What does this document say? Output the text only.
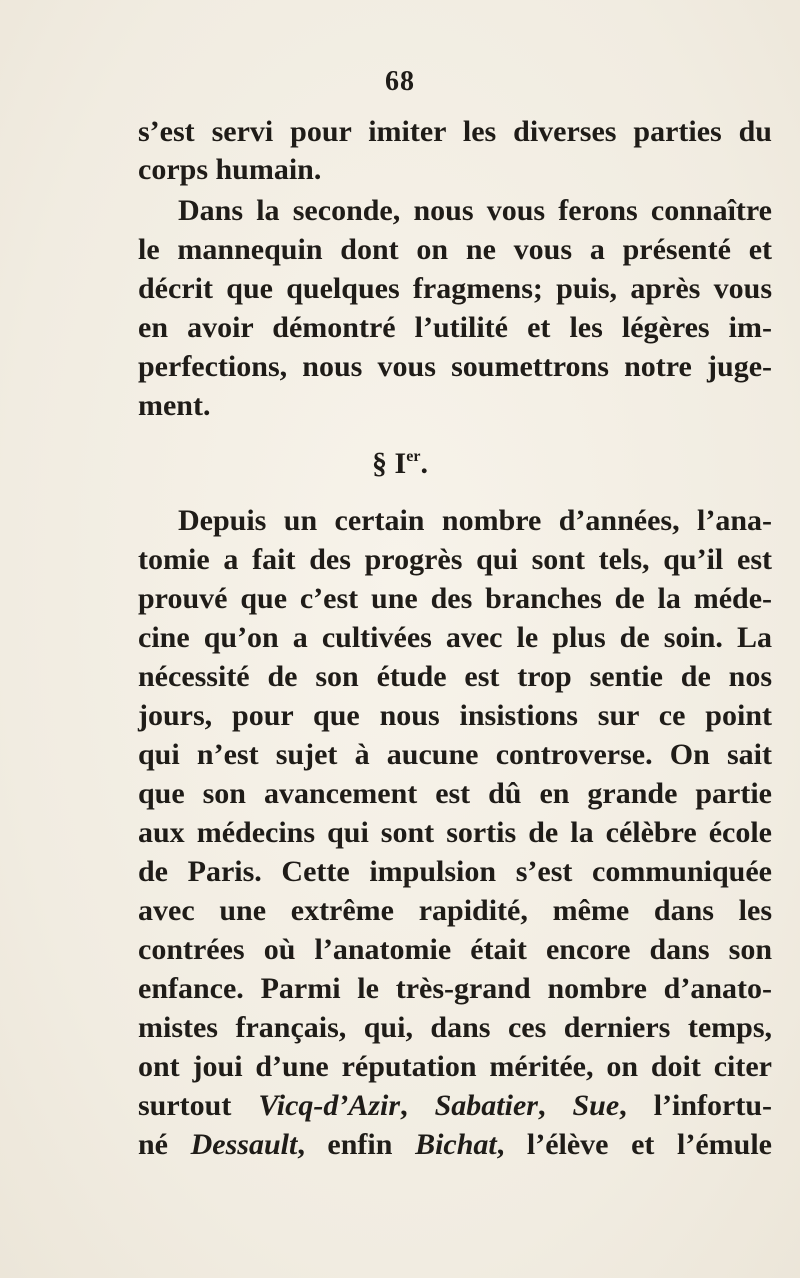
68
s’est servi pour imiter les diverses parties du
corps humain.
Dans la seconde, nous vous ferons connaître
le mannequin dont on ne vous a présenté et
décrit que quelques fragmens; puis, après vous
en avoir démontré l’utilité et les légères im-
perfections, nous vous soumettrons notre juge-
ment.
§ Ier.
Depuis un certain nombre d’années, l’ana-
tomie a fait des progrès qui sont tels, qu’il est
prouvé que c’est une des branches de la méde-
cine qu’on a cultivées avec le plus de soin. La
nécessité de son étude est trop sentie de nos
jours, pour que nous insistions sur ce point
qui n’est sujet à aucune controverse. On sait
que son avancement est dû en grande partie
aux médecins qui sont sortis de la célèbre école
de Paris. Cette impulsion s’est communiquée
avec une extrême rapidité, même dans les
contrées où l’anatomie était encore dans son
enfance. Parmi le très-grand nombre d’anato-
mistes français, qui, dans ces derniers temps,
ont joui d’une réputation méritée, on doit citer
surtout Vicq-d’Azir, Sabatier, Sue, l’infortu-
né Dessault, enfin Bichat, l’élève et l’émule
